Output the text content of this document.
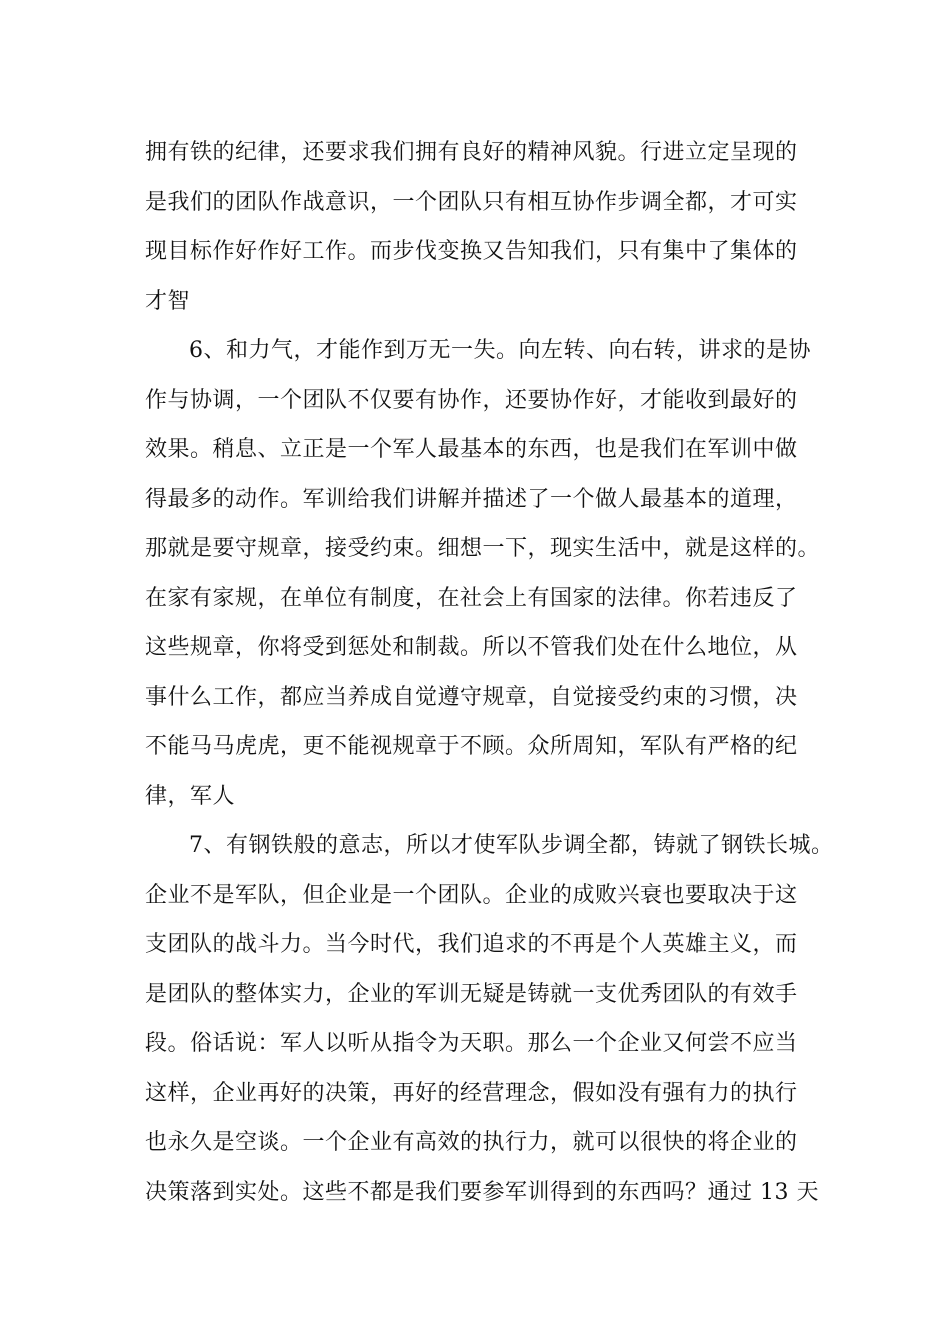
拥有铁的纪律，还要求我们拥有良好的精神风貌。行进立定呈现的
是我们的团队作战意识，一个团队只有相互协作步调全都，才可实
现目标作好作好工作。而步伐变换又告知我们，只有集中了集体的
才智
6、和力气，才能作到万无一失。向左转、向右转，讲求的是协
作与协调，一个团队不仅要有协作，还要协作好，才能收到最好的
效果。稍息、立正是一个军人最基本的东西，也是我们在军训中做
得最多的动作。军训给我们讲解并描述了一个做人最基本的道理，
那就是要守规章，接受约束。细想一下，现实生活中，就是这样的。
在家有家规，在单位有制度，在社会上有国家的法律。你若违反了
这些规章，你将受到惩处和制裁。所以不管我们处在什么地位，从
事什么工作，都应当养成自觉遵守规章，自觉接受约束的习惯，决
不能马马虎虎，更不能视规章于不顾。众所周知，军队有严格的纪
律，军人
7、有钢铁般的意志，所以才使军队步调全都，铸就了钢铁长城。
企业不是军队，但企业是一个团队。企业的成败兴衰也要取决于这
支团队的战斗力。当今时代，我们追求的不再是个人英雄主义，而
是团队的整体实力，企业的军训无疑是铸就一支优秀团队的有效手
段。俗话说：军人以听从指令为天职。那么一个企业又何尝不应当
这样，企业再好的决策，再好的经营理念，假如没有强有力的执行
也永久是空谈。一个企业有高效的执行力，就可以很快的将企业的
决策落到实处。这些不都是我们要参军训得到的东西吗？通过 13 天
